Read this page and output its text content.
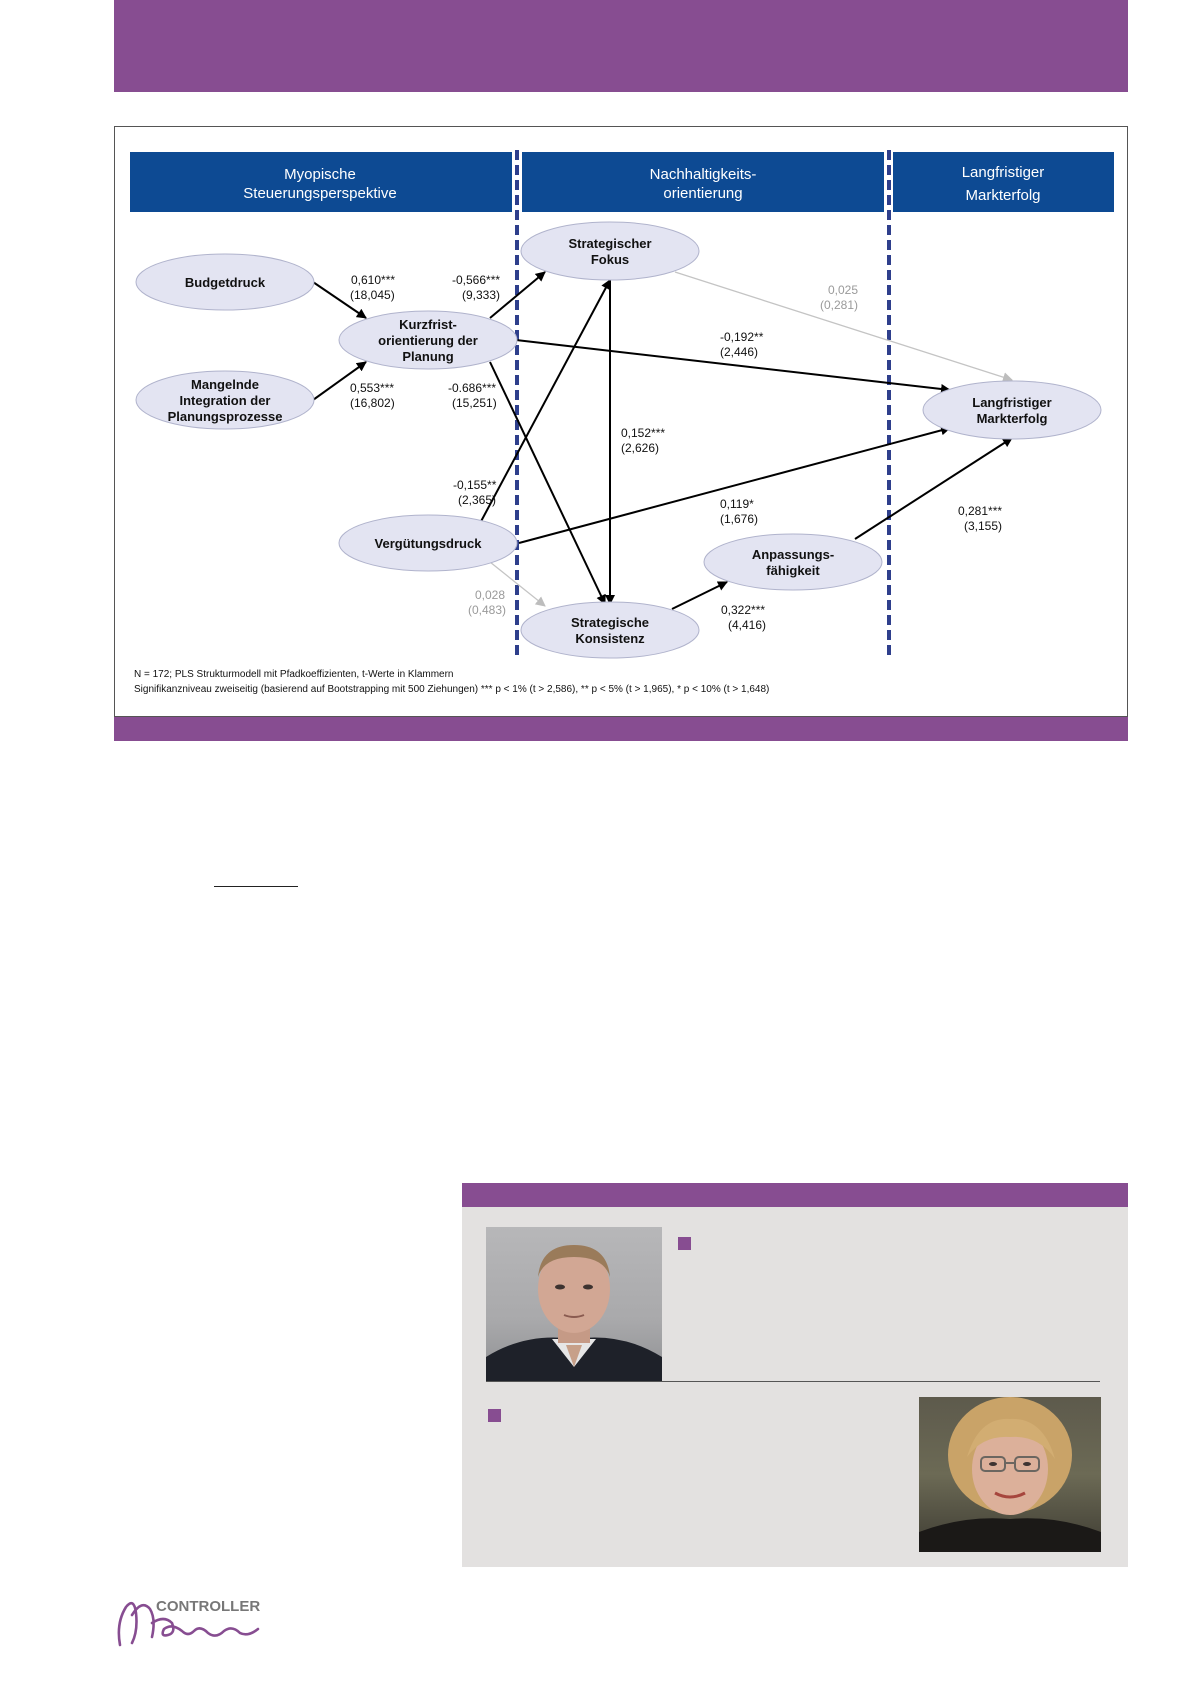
Myopische
Steuerungsperspektive
Nachhaltigkeits-
orientierung
Langfristiger
Markterfolg
Budgetdruck
Mangelnde
Integration der
Planungsprozesse
Kurzfrist-
orientierung der
Planung
Vergütungsdruck
Strategischer
Fokus
Strategische
Konsistenz
Anpassungs-
fähigkeit
Langfristiger
Markterfolg
0,610***
(18,045)
0,553***
(16,802)
-0,566***
(9,333)
-0.686***
(15,251)
-0,192**
(2,446)
0,025
(0,281)
0,152***
(2,626)
-0,155**
(2,365)	0,119*
(1,676)
0,028
(0,483)	0,322***
(4,416)
0,281***
(3,155)
N = 172; PLS Strukturmodell mit Pfadkoeffizienten, t-Werte in Klammern
Signifikanzniveau zweiseitig (basierend auf Bootstrapping mit 500 Ziehungen) *** p < 1% (t > 2,586), ** p < 5% (t > 1,965), * p < 10% (t > 1,648)
CONTROLLER
